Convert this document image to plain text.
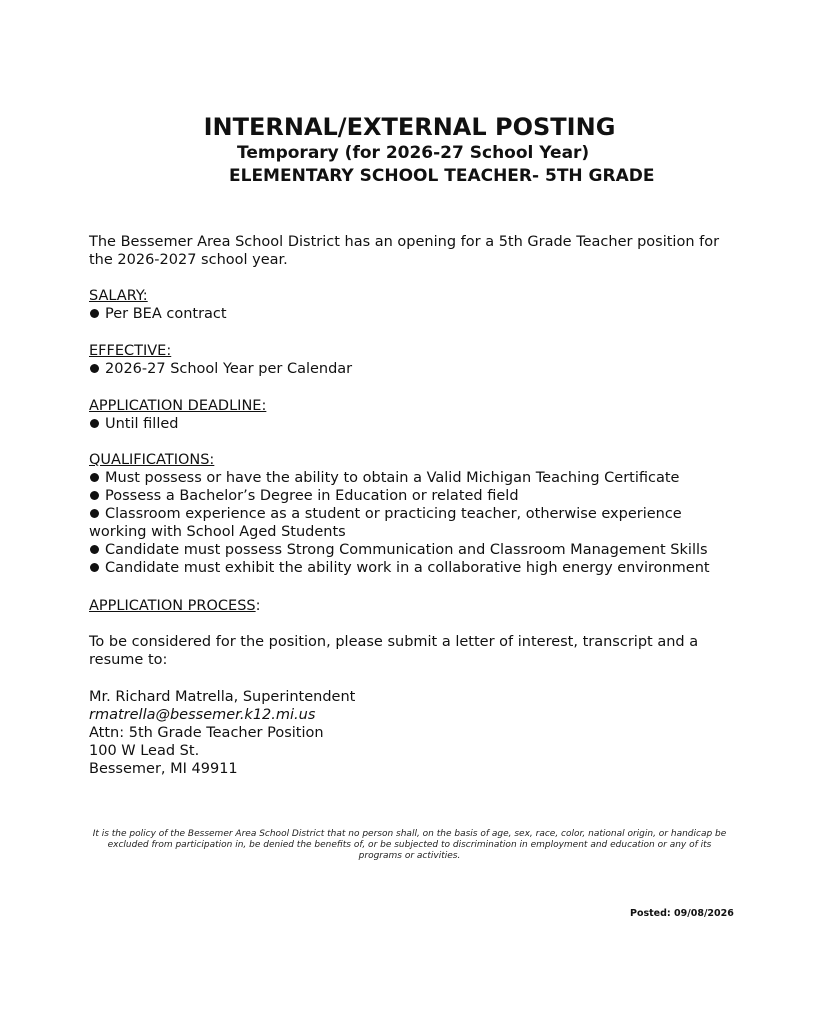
INTERNAL/EXTERNAL POSTING
Temporary (for 2026-27 School Year)
ELEMENTARY SCHOOL TEACHER- 5TH GRADE
The Bessemer Area School District has an opening for a 5th Grade Teacher position for the 2026-2027 school year.
SALARY:
Per BEA contract
EFFECTIVE:
2026-27 School Year per Calendar
APPLICATION DEADLINE:
Until filled
QUALIFICATIONS:
Must possess or have the ability to obtain a Valid Michigan Teaching Certificate
Possess a Bachelor’s Degree in Education or related field
Classroom experience as a student or practicing teacher, otherwise experience working with School Aged Students
Candidate must possess Strong Communication and Classroom Management Skills
Candidate must exhibit the ability work in a collaborative high energy environment
APPLICATION PROCESS:
To be considered for the position, please submit a letter of interest, transcript and a resume to:
Mr. Richard Matrella, Superintendent
rmatrella@bessemer.k12.mi.us
Attn: 5th Grade Teacher Position
100 W Lead St.
Bessemer, MI 49911
It is the policy of the Bessemer Area School District that no person shall, on the basis of age, sex, race, color, national origin, or handicap be excluded from participation in, be denied the benefits of, or be subjected to discrimination in employment and education or any of its programs or activities.
Posted: 09/08/2026
